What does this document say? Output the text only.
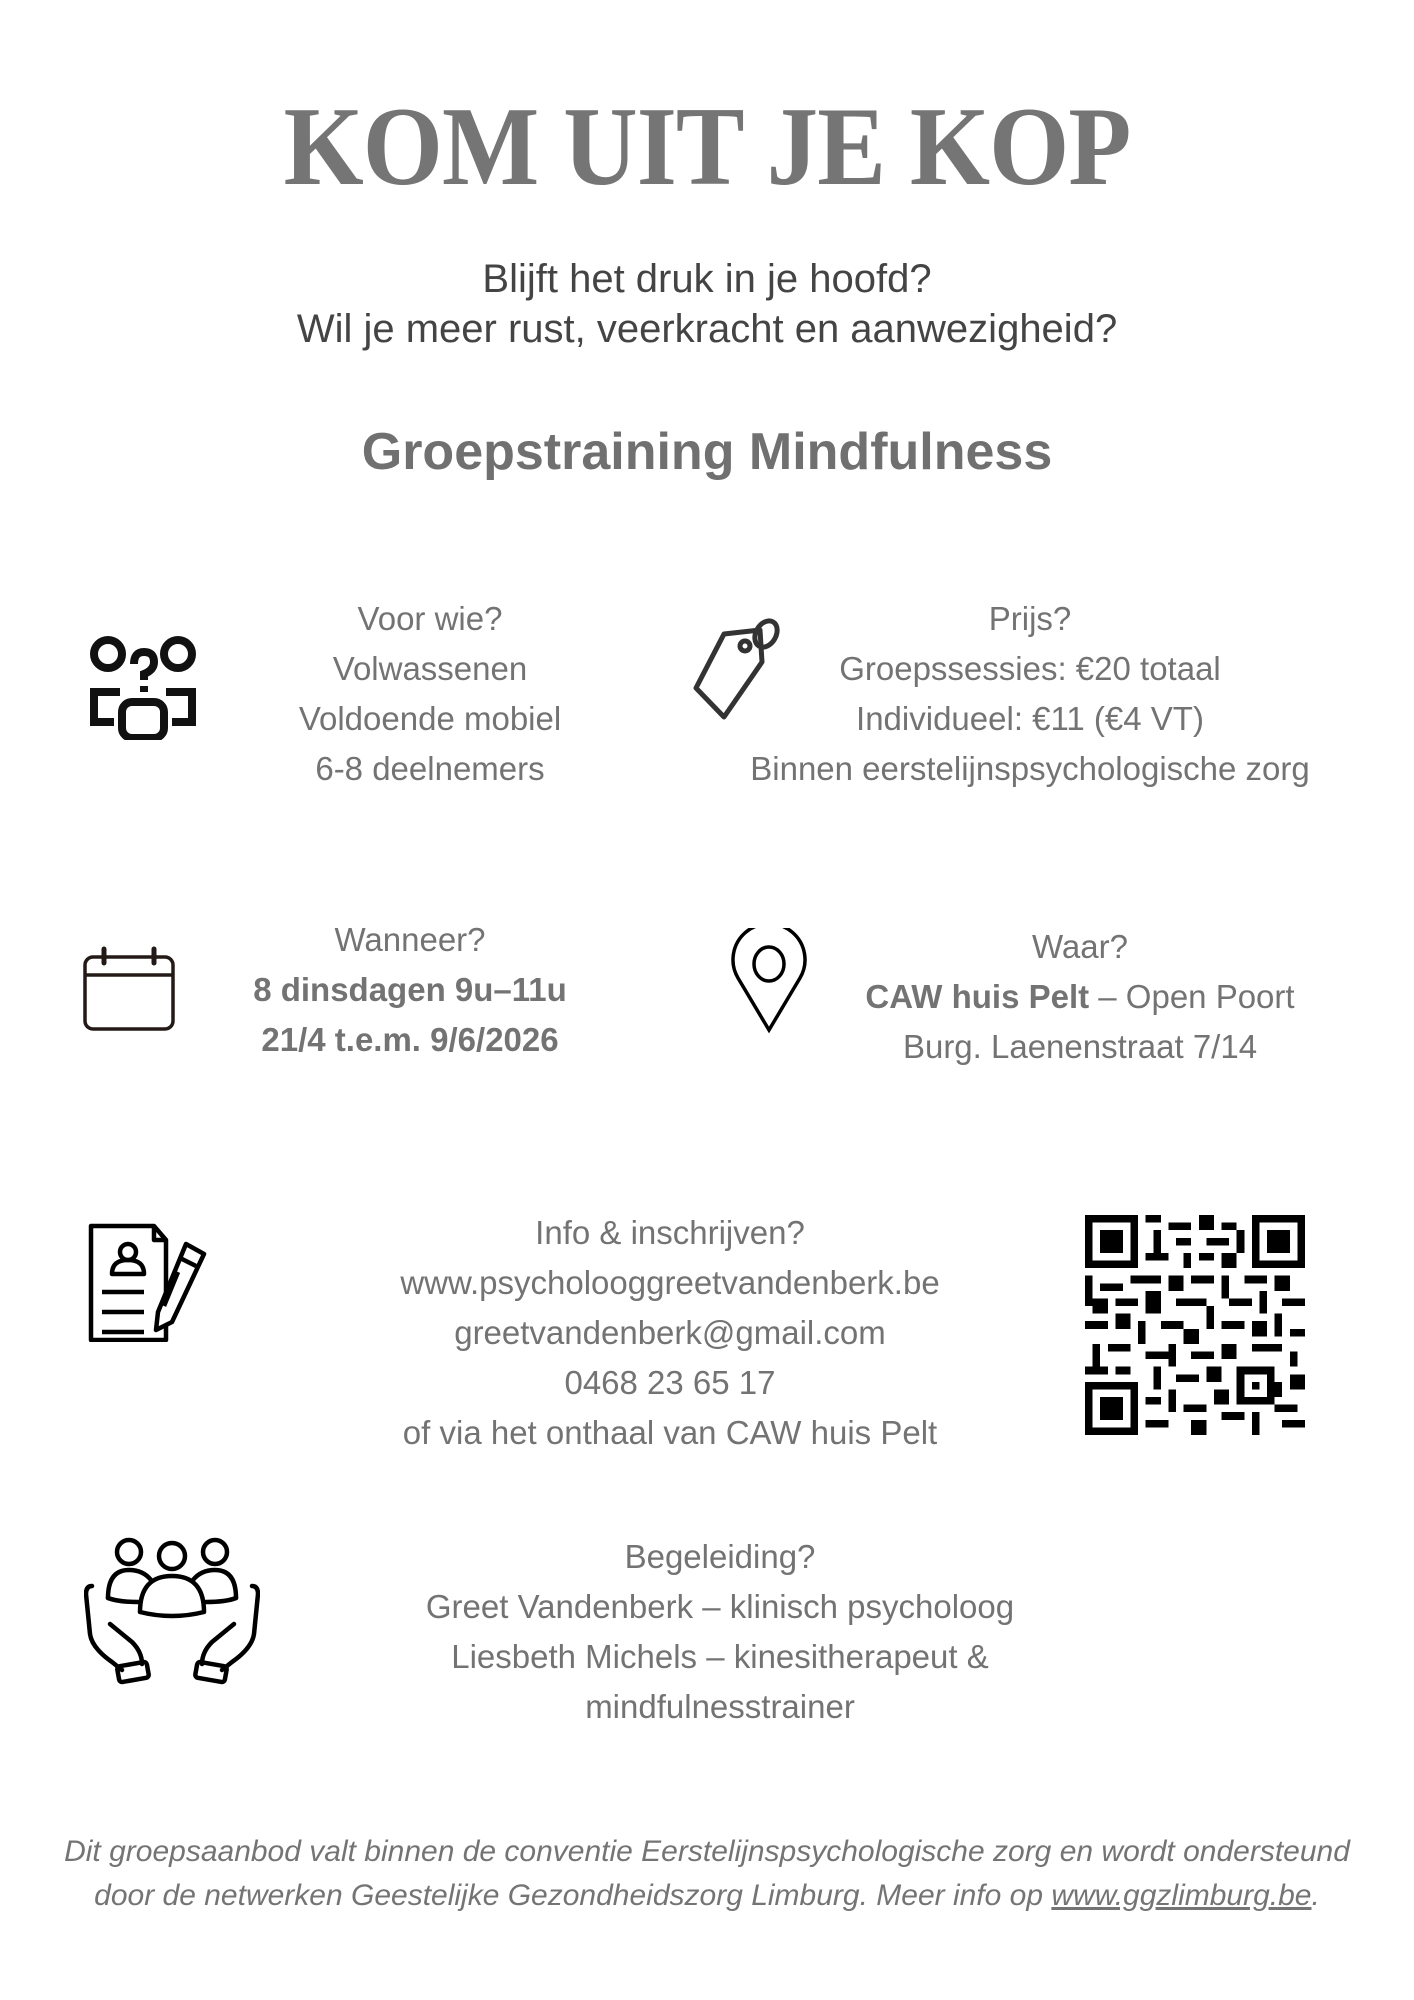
KOM UIT JE KOP
Blijft het druk in je hoofd?
Wil je meer rust, veerkracht en aanwezigheid?
Groepstraining Mindfulness
Voor wie?
Volwassenen
Voldoende mobiel
6-8 deelnemers
Prijs?
Groepssessies: €20 totaal
Individueel: €11 (€4 VT)
Binnen eerstelijnspsychologische zorg
Wanneer?
8 dinsdagen 9u–11u
21/4 t.e.m. 9/6/2026
Waar?
CAW huis Pelt – Open Poort
Burg. Laenenstraat 7/14
Info & inschrijven?
www.psycholooggreetvandenberk.be
greetvandenberk@gmail.com
0468 23 65 17
of via het onthaal van CAW huis Pelt
Begeleiding?
Greet Vandenberk – klinisch psycholoog
Liesbeth Michels – kinesitherapeut &
mindfulnesstrainer
Dit groepsaanbod valt binnen de conventie Eerstelijnspsychologische zorg en wordt ondersteund door de netwerken Geestelijke Gezondheidszorg Limburg. Meer info op www.ggzlimburg.be.
